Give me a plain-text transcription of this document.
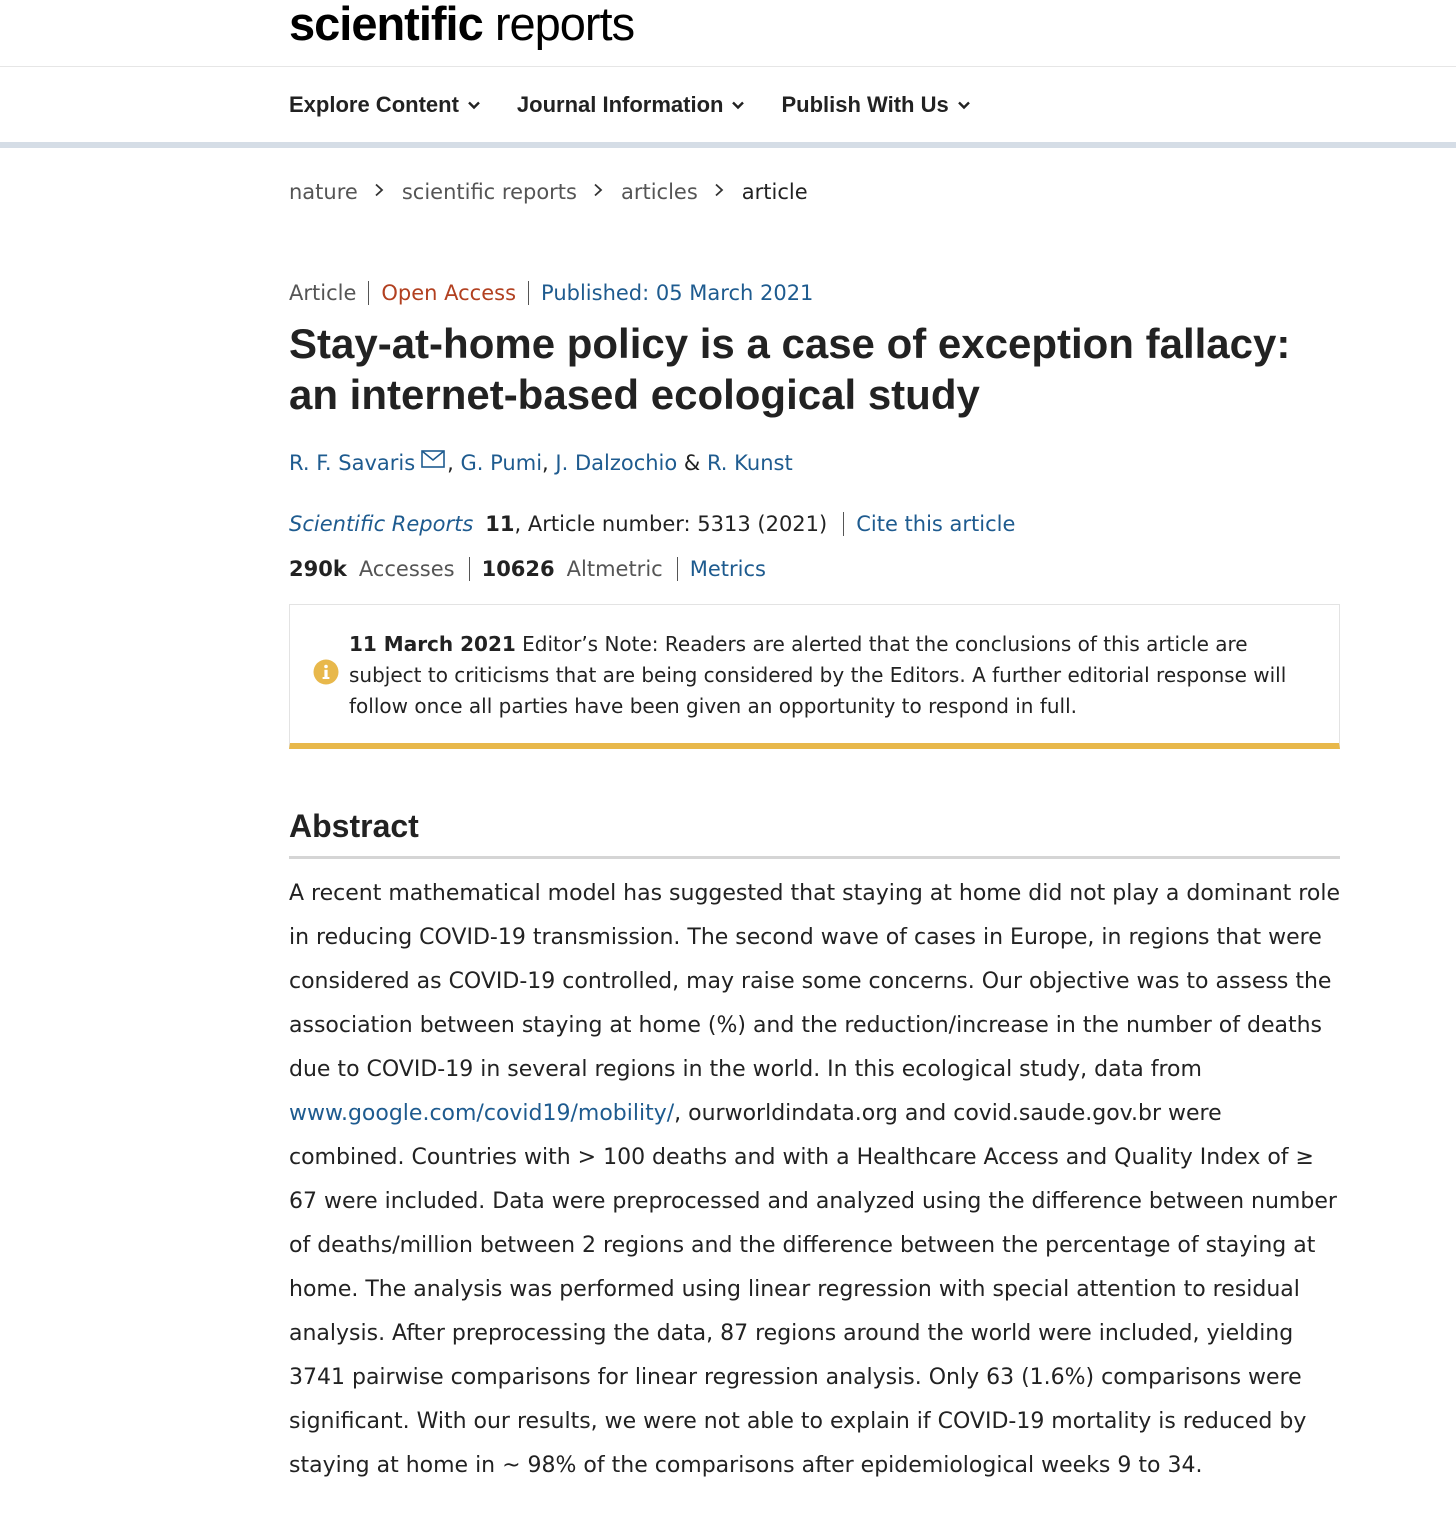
scientific reports
Explore Content	Journal Information	Publish With Us
nature scientific reports articles article
Article	Open Access	Published: 05 March 2021
Stay-at-home policy is a case of exception fallacy: an internet-based ecological study
R. F. Savaris , G. Pumi , J. Dalzochio & R. Kunst
Scientific Reports 11 , Article number: 5313 (2021)	Cite this article
290k Accesses 10626 Altmetric	Metrics

11 March 2021 Editor’s Note: Readers are alerted that the conclusions of this article are subject to criticisms that are being considered by the Editors. A further editorial response will follow once all parties have been given an opportunity to respond in full.

Abstract

A recent mathematical model has suggested that staying at home did not play a dominant role in reducing COVID-19 transmission. The second wave of cases in Europe, in regions that were considered as COVID-19 controlled, may raise some concerns. Our objective was to assess the association between staying at home (%) and the reduction/increase in the number of deaths due to COVID-19 in several regions in the world. In this ecological study, data from www.google.com/covid19/mobility/, ourworldindata.org and covid.saude.gov.br were combined. Countries with > 100 deaths and with a Healthcare Access and Quality Index of ≥ 67 were included. Data were preprocessed and analyzed using the difference between number of deaths/million between 2 regions and the difference between the percentage of staying at home. The analysis was performed using linear regression with special attention to residual analysis. After preprocessing the data, 87 regions around the world were included, yielding 3741 pairwise comparisons for linear regression analysis. Only 63 (1.6%) comparisons were significant. With our results, we were not able to explain if COVID-19 mortality is reduced by staying at home in ~ 98% of the comparisons after epidemiological weeks 9 to 34.
